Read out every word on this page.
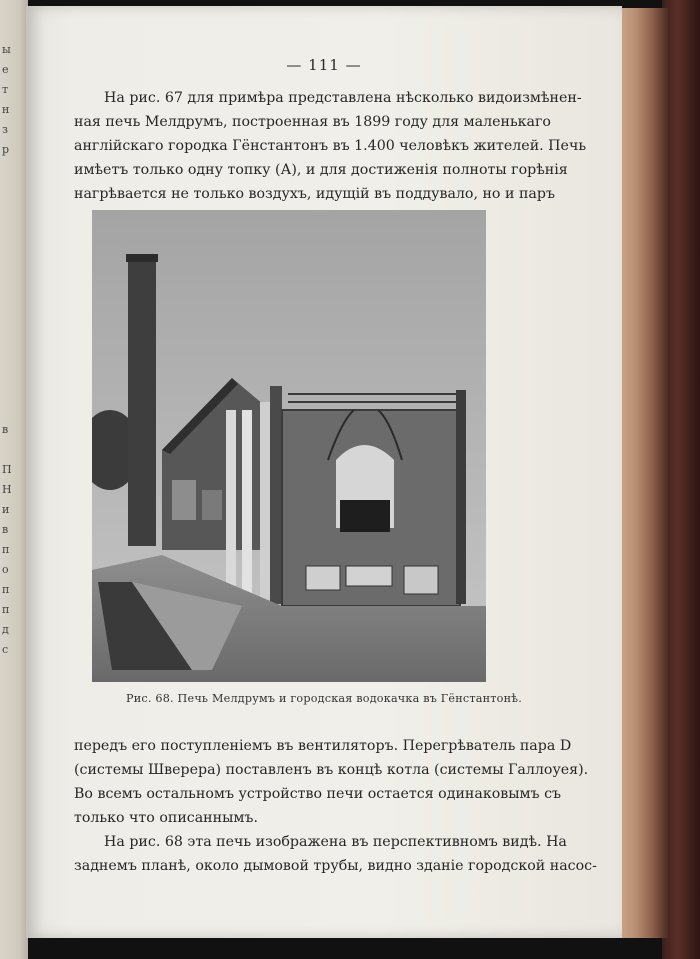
ы
е
т
н
з
р

в

П
Н
и
в
п
о
п
п
д
с
— 111 —
На рис. 67 для примѣра представлена нѣсколько видоизмѣнен-
ная печь Мелдрумъ, построенная въ 1899 году для маленькаго
англійскаго городка Гёнстантонъ въ 1.400 человѣкъ жителей. Печь
имѣетъ только одну топку (А), и для достиженія полноты горѣнія
нагрѣвается не только воздухъ, идущій въ поддувало, но и паръ
Рис. 68. Печь Мелдрумъ и городская водокачка въ Гёнстантонѣ.
передъ его поступленіемъ въ вентиляторъ. Перегрѣватель пара D
(системы Шверера) поставленъ въ концѣ котла (системы Галлоуея).
Во всемъ остальномъ устройство печи остается одинаковымъ съ
только что описаннымъ.
На рис. 68 эта печь изображена въ перспективномъ видѣ. На
заднемъ планѣ, около дымовой трубы, видно зданіе городской насос-
